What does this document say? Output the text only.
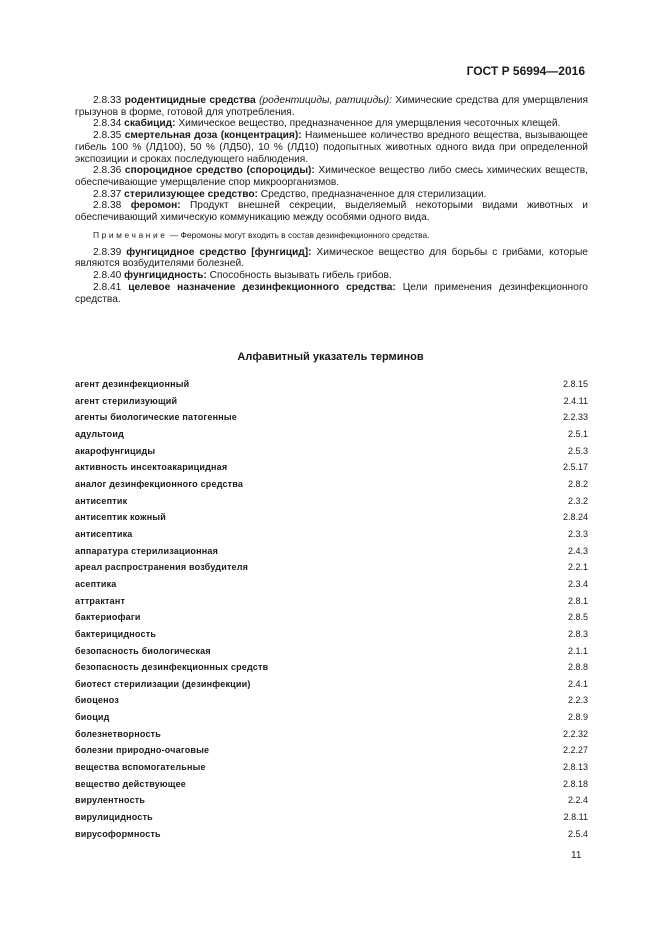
ГОСТ Р 56994—2016

2.8.33 родентицидные средства (родентициды, ратициды): Химические средства для умерщвления грызунов в форме, готовой для употребления.

2.8.34 скабицид: Химическое вещество, предназначенное для умерщвления чесоточных клещей.

2.8.35 смертельная доза (концентрация): Наименьшее количество вредного вещества, вызывающее гибель 100 % (ЛД100), 50 % (ЛД50), 10 % (ЛД10) подопытных животных одного вида при определенной экспозиции и сроках последующего наблюдения.

2.8.36 спороцидное средство (спороциды): Химическое вещество либо смесь химических веществ, обеспечивающие умерщвление спор микроорганизмов.

2.8.37 стерилизующее средство: Средство, предназначенное для стерилизации.

2.8.38 феромон: Продукт внешней секреции, выделяемый некоторыми видами животных и обеспечивающий химическую коммуникацию между особями одного вида.

Примечание — Феромоны могут входить в состав дезинфекционного средства.

2.8.39 фунгицидное средство [фунгицид]: Химическое вещество для борьбы с грибами, которые являются возбудителями болезней.

2.8.40 фунгицидность: Способность вызывать гибель грибов.

2.8.41 целевое назначение дезинфекционного средства: Цели применения дезинфекционного средства.

Алфавитный указатель терминов
агент дезинфекционный	2.8.15
агент стерилизующий	2.4.11
агенты биологические патогенные	2.2.33
адультоид	2.5.1
акарофунгициды	2.5.3
активность инсектоакарицидная	2.5.17
аналог дезинфекционного средства	2.8.2
антисептик	2.3.2
антисептик кожный	2.8.24
антисептика	2.3.3
аппаратура стерилизационная	2.4.3
ареал распространения возбудителя	2.2.1
асептика	2.3.4
аттрактант	2.8.1
бактериофаги	2.8.5
бактерицидность	2.8.3
безопасность биологическая	2.1.1
безопасность дезинфекционных средств	2.8.8
биотест стерилизации (дезинфекции)	2.4.1
биоценоз	2.2.3
биоцид	2.8.9
болезнетворность	2.2.32
болезни природно-очаговые	2.2.27
вещества вспомогательные	2.8.13
вещество действующее	2.8.18
вирулентность	2.2.4
вирулицидность	2.8.11
вирусоформность	2.5.4
11
